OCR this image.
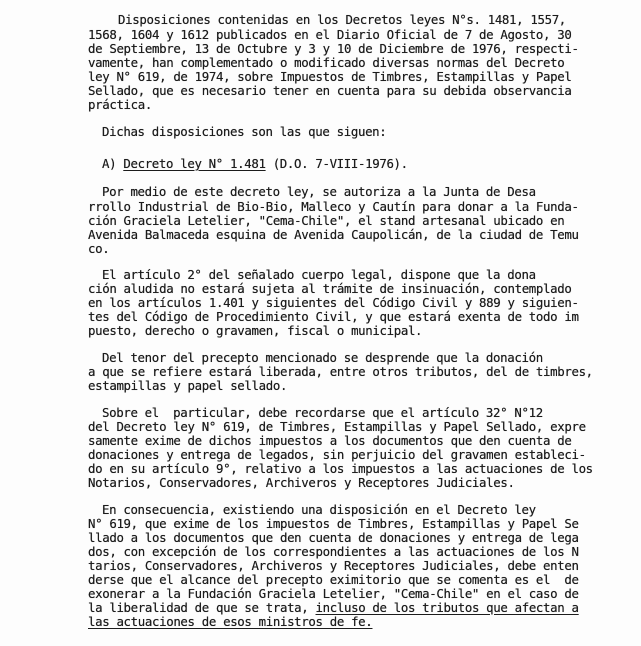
Disposiciones contenidas en los Decretos leyes N°s. 1481, 1557,
1568, 1604 y 1612 publicados en el Diario Oficial de 7 de Agosto, 30
de Septiembre, 13 de Octubre y 3 y 10 de Diciembre de 1976, respecti-
vamente, han complementado o modificado diversas normas del Decreto
ley N° 619, de 1974, sobre Impuestos de Timbres, Estampillas y Papel
Sellado, que es necesario tener en cuenta para su debida observancia
práctica.
Dichas disposiciones son las que siguen:
A) Decreto ley N° 1.481 (D.O. 7-VIII-1976).
Por medio de este decreto ley, se autoriza a la Junta de Desa
rrollo Industrial de Bio-Bio, Malleco y Cautín para donar a la Funda-
ción Graciela Letelier, "Cema-Chile", el stand artesanal ubicado en
Avenida Balmaceda esquina de Avenida Caupolicán, de la ciudad de Temu
co.
El artículo 2° del señalado cuerpo legal, dispone que la dona
ción aludida no estará sujeta al trámite de insinuación, contemplado
en los artículos 1.401 y siguientes del Código Civil y 889 y siguien-
tes del Código de Procedimiento Civil, y que estará exenta de todo im
puesto, derecho o gravamen, fiscal o municipal.
Del tenor del precepto mencionado se desprende que la donación
a que se refiere estará liberada, entre otros tributos, del de timbres,
estampillas y papel sellado.
Sobre el  particular, debe recordarse que el artículo 32° N°12
del Decreto ley N° 619, de Timbres, Estampillas y Papel Sellado, expre
samente exime de dichos impuestos a los documentos que den cuenta de
donaciones y entrega de legados, sin perjuicio del gravamen estableci-
do en su artículo 9°, relativo a los impuestos a las actuaciones de los
Notarios, Conservadores, Archiveros y Receptores Judiciales.
En consecuencia, existiendo una disposición en el Decreto ley
N° 619, que exime de los impuestos de Timbres, Estampillas y Papel Se
llado a los documentos que den cuenta de donaciones y entrega de lega
dos, con excepción de los correspondientes a las actuaciones de los N
tarios, Conservadores, Archiveros y Receptores Judiciales, debe enten
derse que el alcance del precepto eximitorio que se comenta es el  de
exonerar a la Fundación Graciela Letelier, "Cema-Chile" en el caso de
la liberalidad de que se trata, incluso de los tributos que afectan a
las actuaciones de esos ministros de fe.
